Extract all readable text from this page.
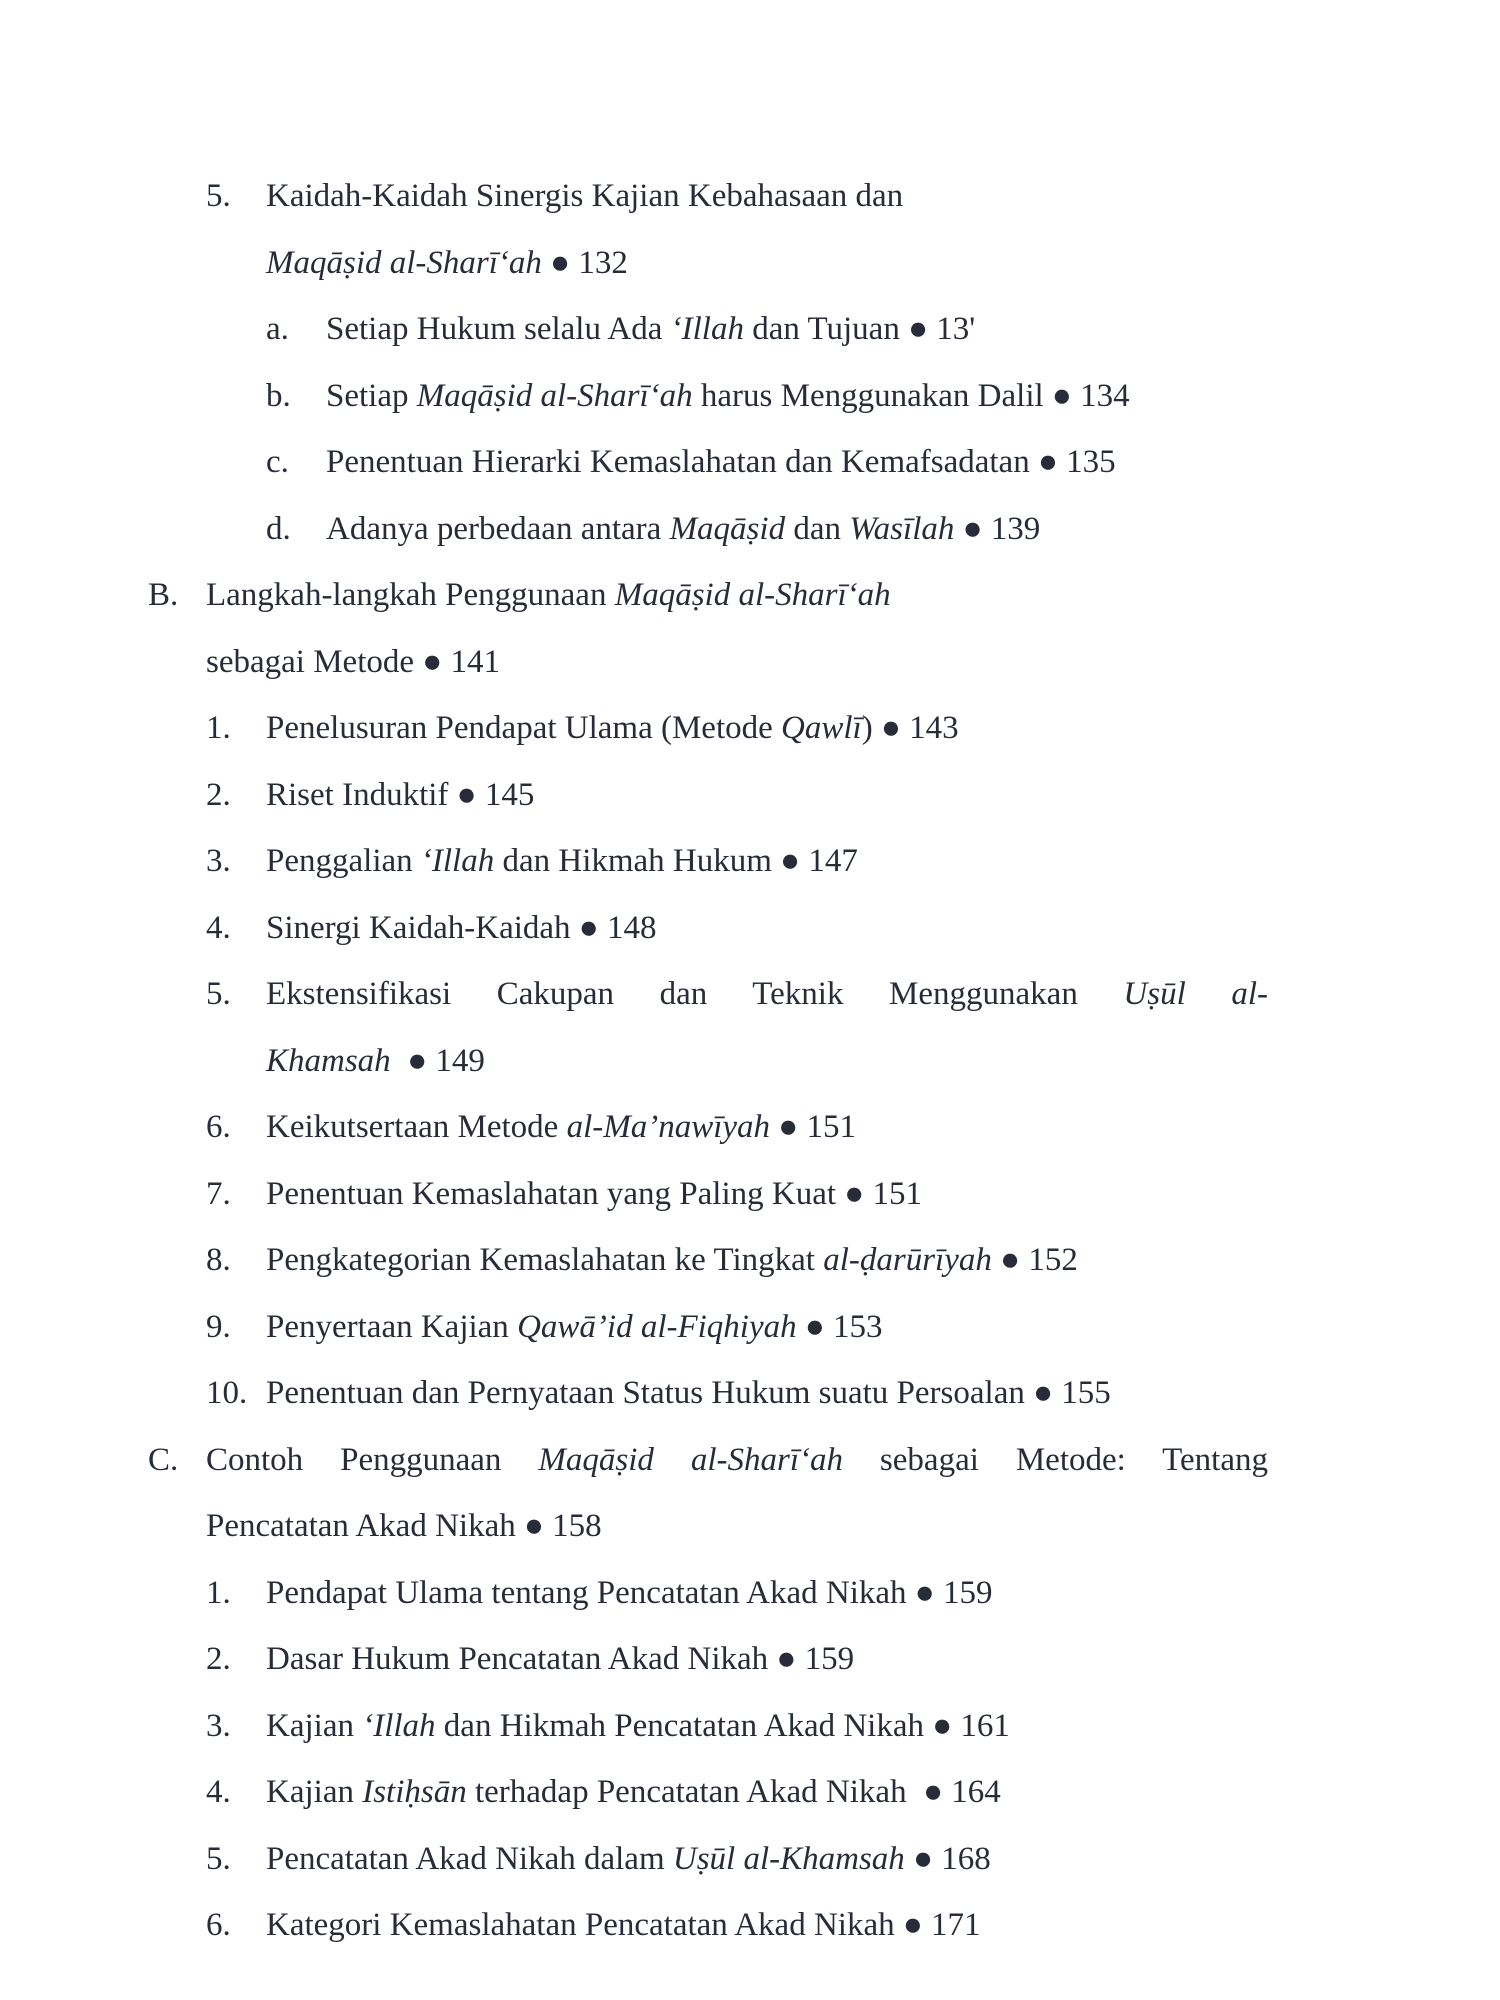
5.	Kaidah-Kaidah Sinergis Kajian Kebahasaan dan
Maqāṣid al-Sharī‘ah ● 132
a.	Setiap Hukum selalu Ada ‘Illah dan Tujuan ● 13'
b.	Setiap Maqāṣid al-Sharī‘ah harus Menggunakan Dalil ● 134
c.	Penentuan Hierarki Kemaslahatan dan Kemafsadatan ● 135
d.	Adanya perbedaan antara Maqāṣid dan Wasīlah ● 139
B. Langkah-langkah Penggunaan Maqāṣid al-Sharī‘ah
sebagai Metode ● 141
1.	Penelusuran Pendapat Ulama (Metode Qawlī) ● 143
2.	Riset Induktif ● 145
3.	Penggalian ‘Illah dan Hikmah Hukum ● 147
4.	Sinergi Kaidah-Kaidah ● 148
5.	Ekstensifikasi Cakupan dan Teknik Menggunakan Uṣūl al-
Khamsah ● 149
6.	Keikutsertaan Metode al-Ma’nawīyah ● 151
7.	Penentuan Kemaslahatan yang Paling Kuat ● 151
8.	Pengkategorian Kemaslahatan ke Tingkat al-ḍarūrīyah ● 152
9.	Penyertaan Kajian Qawā’id al-Fiqhiyah ● 153
10. Penentuan dan Pernyataan Status Hukum suatu Persoalan ● 155
C. Contoh Penggunaan Maqāṣid al-Sharī‘ah sebagai Metode: Tentang
Pencatatan Akad Nikah ● 158
1.	Pendapat Ulama tentang Pencatatan Akad Nikah ● 159
2.	Dasar Hukum Pencatatan Akad Nikah ● 159
3.	Kajian ‘Illah dan Hikmah Pencatatan Akad Nikah ● 161
4.	Kajian Istiḥsān terhadap Pencatatan Akad Nikah ● 164
5.	Pencatatan Akad Nikah dalam Uṣūl al-Khamsah ● 168
6.	Kategori Kemaslahatan Pencatatan Akad Nikah ● 171
